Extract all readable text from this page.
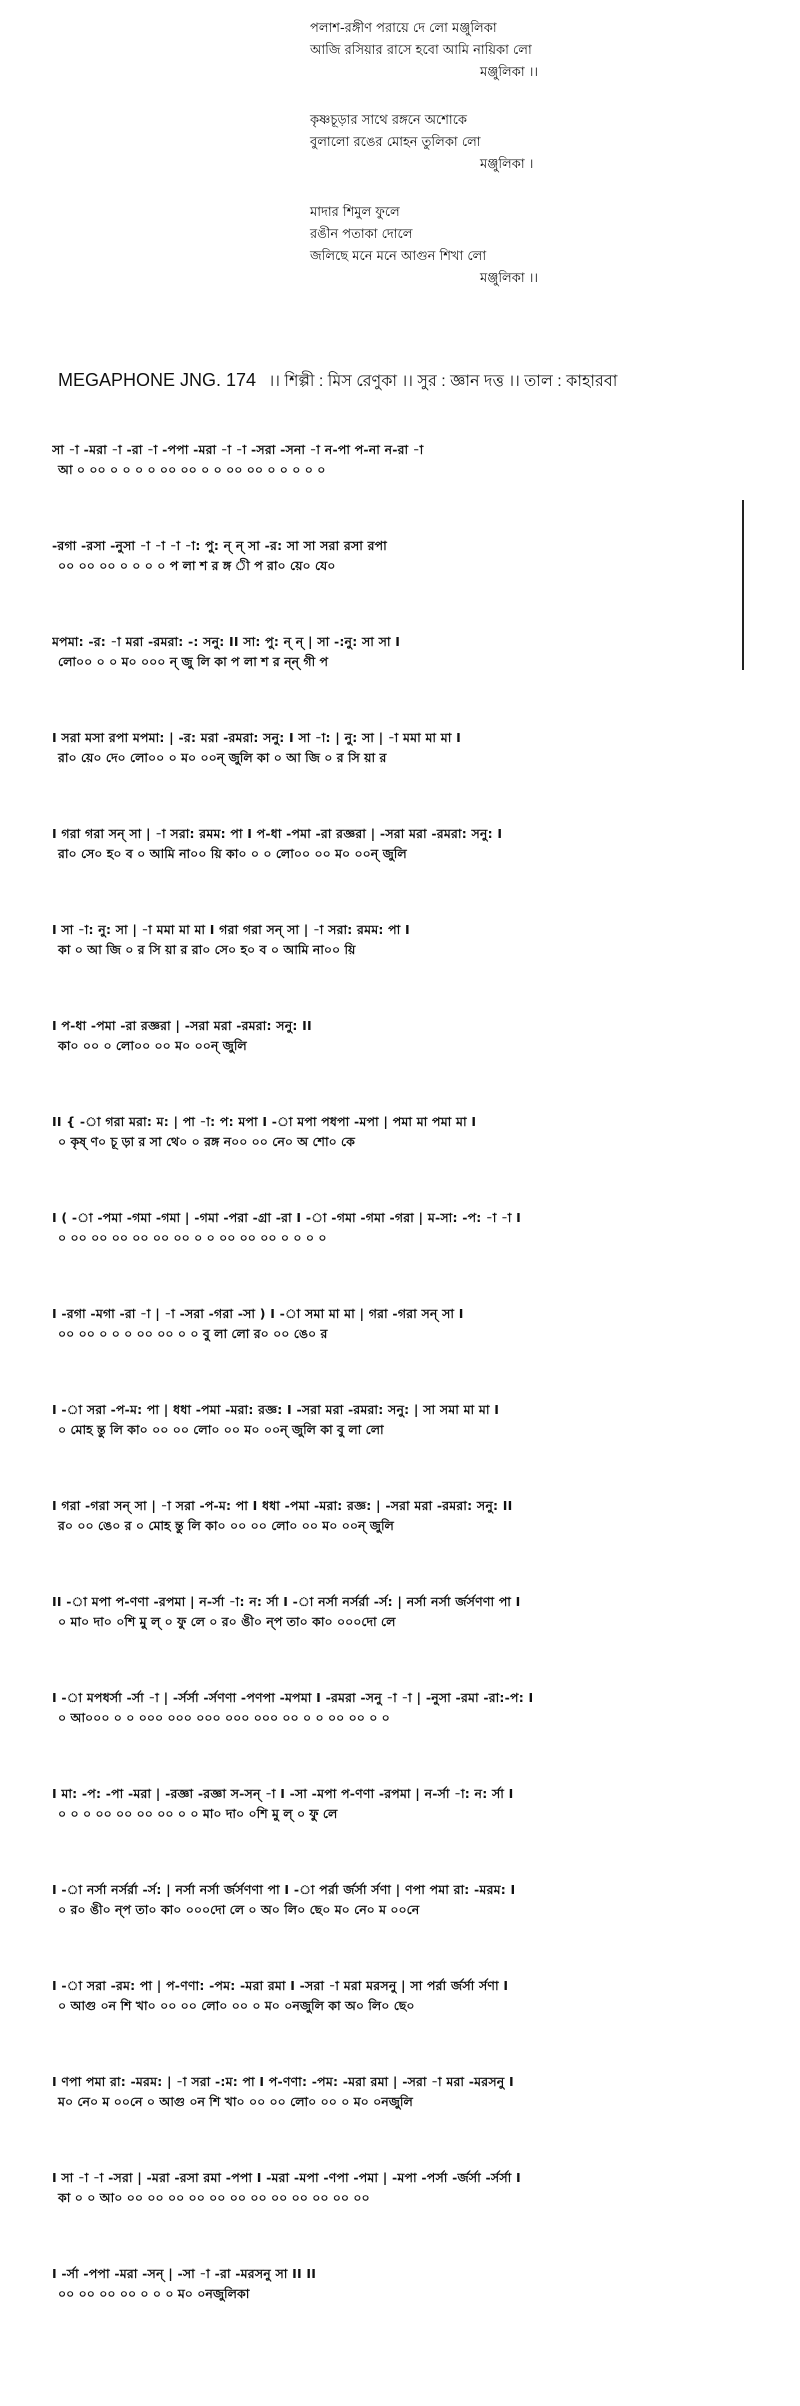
পলাশ-রঙ্গীণ পরায়ে দে লো মঞ্জুলিকা
আজি রসিয়ার রাসে হবো আমি নায়িকা লো
মঞ্জুলিকা ।।
কৃষ্ণচূড়ার সাথে রঙ্গনে অশোকে
বুলালো রঙের মোহন তুলিকা লো
মঞ্জুলিকা ।
মাদার শিমুল ফুলে
রঙীন পতাকা দোলে
জলিছে মনে মনে আগুন শিখা লো
মঞ্জুলিকা ।।
MEGAPHONE JNG. 174 ।। শিল্পী : মিস রেণুকা ।। সুর : জ্ঞান দত্ত ।। তাল : কাহারবা
সা -া -মরা -া -রা -া -পপা -মরা -া -া -সরা -সনা -া ন-পা প-না ন-রা -া
আ ০ ০০ ০ ০ ০ ০ ০০ ০০ ০ ০ ০০ ০০ ০ ০ ০ ০ ০
-রগা -রসা -নুসা -া -া -া -া: পু: ন্ ন্ সা -র: সা সা সরা রসা রপা
০০ ০০ ০০ ০ ০ ০ ০ প লা শ র ঙ্গ ী প রা০ য়ে০ যে০
মপমা: -র: -া মরা -রমরা: -: সনু: II সা: পু: ন্ ন্ | সা -:নু: সা সা I
লো০০ ০ ০ ম০ ০০০ ন্ জু লি কা প লা শ র ন্ন্ গী প
I সরা মসা রপা মপমা: | -র: মরা -রমরা: সনু: I সা -া: | নু: সা | -া মমা মা মা I
রা০ য়ে০ দে০ লো০০ ০ ম০ ০০ন্ জুলি কা ০ আ জি ০ র সি য়া র
I গরা গরা সন্ সা | -া সরা: রমম: পা I প-ধা -পমা -রা রজ্ঞরা | -সরা মরা -রমরা: সনু: I
রা০ সে০ হ০ ব ০ আমি না০০ য়ি কা০ ০ ০ লো০০ ০০ ম০ ০০ন্ জুলি
I সা -া: নু: সা | -া মমা মা মা I গরা গরা সন্ সা | -া সরা: রমম: পা I
কা ০ আ জি ০ র সি য়া র রা০ সে০ হ০ ব ০ আমি না০০ য়ি
I প-ধা -পমা -রা রজ্ঞরা | -সরা মরা -রমরা: সনু: II
কা০ ০০ ০ লো০০ ০০ ম০ ০০ন্ জুলি
II { -া গরা মরা: ম: | পা -া: প: মপা I -া মপা পধপা -মপা | পমা মা পমা মা I
০ কৃষ্ ণ০ চূ ড়া র সা থে০ ০ রঙ্গ ন০০ ০০ নে০ অ শো০ কে
I ( -া -পমা -গমা -গমা | -গমা -পরা -গ্রা -রা I -া -গমা -গমা -গরা | ম-সা: -প: -া -া I
০ ০০ ০০ ০০ ০০ ০০ ০০ ০ ০ ০০ ০০ ০০ ০ ০ ০ ০
I -রগা -মগা -রা -া | -া -সরা -গরা -সা ) I -া সমা মা মা | গরা -গরা সন্ সা I
০০ ০০ ০ ০ ০ ০০ ০০ ০ ০ বু লা লো র০ ০০ ঙে০ র
I -া সরা -প-ম: পা | ধধা -পমা -মরা: রজ্ঞ: I -সরা মরা -রমরা: সনু: | সা সমা মা মা I
০ মোহ ন্তু লি কা০ ০০ ০০ লো০ ০০ ম০ ০০ন্ জুলি কা বু লা লো
I গরা -গরা সন্ সা | -া সরা -প-ম: পা I ধধা -পমা -মরা: রজ্ঞ: | -সরা মরা -রমরা: সনু: II
র০ ০০ ঙে০ র ০ মোহ ন্তু লি কা০ ০০ ০০ লো০ ০০ ম০ ০০ন্ জুলি
II -া মপা প-ণণা -রপমা | ন-র্সা -া: ন: র্সা I -া নর্সা নর্সর্রা -র্স: | নর্সা নর্সা র্জর্সণণা পা I
০ মা০ দা০ ০শি মু ল্ ০ ফু লে ০ র০ ঙী০ ন্প তা০ কা০ ০০০দো লে
I -া মপধর্সা -র্সা -া | -র্সর্সা -র্সণণা -পণপা -মপমা I -রমরা -সনু -া -া | -নুসা -রমা -রা:-প: I
০ আ০০০ ০ ০ ০০০ ০০০ ০০০ ০০০ ০০০ ০০ ০ ০ ০০ ০০ ০ ০
I মা: -প: -পা -মরা | -রজ্ঞা -রজ্ঞা স-সন্ -া I -সা -মপা প-ণণা -রপমা | ন-র্সা -া: ন: র্সা I
০ ০ ০ ০০ ০০ ০০ ০০ ০ ০ মা০ দা০ ০শি মু ল্ ০ ফু লে
I -া নর্সা নর্সর্রা -র্স: | নর্সা নর্সা র্জর্সণণা পা I -া পর্রা র্জর্সা র্সণা | ণপা পমা রা: -মরম: I
০ র০ ঙী০ ন্প তা০ কা০ ০০০দো লে ০ অ০ লি০ ছে০ ম০ নে০ ম ০০নে
I -া সরা -রম: পা | প-ণণা: -পম: -মরা রমা I -সরা -া মরা মরসনু | সা পর্রা র্জর্সা র্সণা I
০ আগু ০ন শি খা০ ০০ ০০ লো০ ০০ ০ ম০ ০নজুলি কা অ০ লি০ ছে০
I ণপা পমা রা: -মরম: | -া সরা -:ম: পা I প-ণণা: -পম: -মরা রমা | -সরা -া মরা -মরসনু I
ম০ নে০ ম ০০নে ০ আগু ০ন শি খা০ ০০ ০০ লো০ ০০ ০ ম০ ০নজুলি
I সা -া -া -সরা | -মরা -রসা রমা -পপা I -মরা -মপা -ণপা -পমা | -মপা -পর্সা -র্জর্সা -র্সর্সা I
কা ০ ০ আ০ ০০ ০০ ০০ ০০ ০০ ০০ ০০ ০০ ০০ ০০ ০০ ০০
I -র্সা -পপা -মরা -সন্ | -সা -া -রা -মরসনু সা II II
০০ ০০ ০০ ০০ ০ ০ ০ ম০ ০নজুলিকা
